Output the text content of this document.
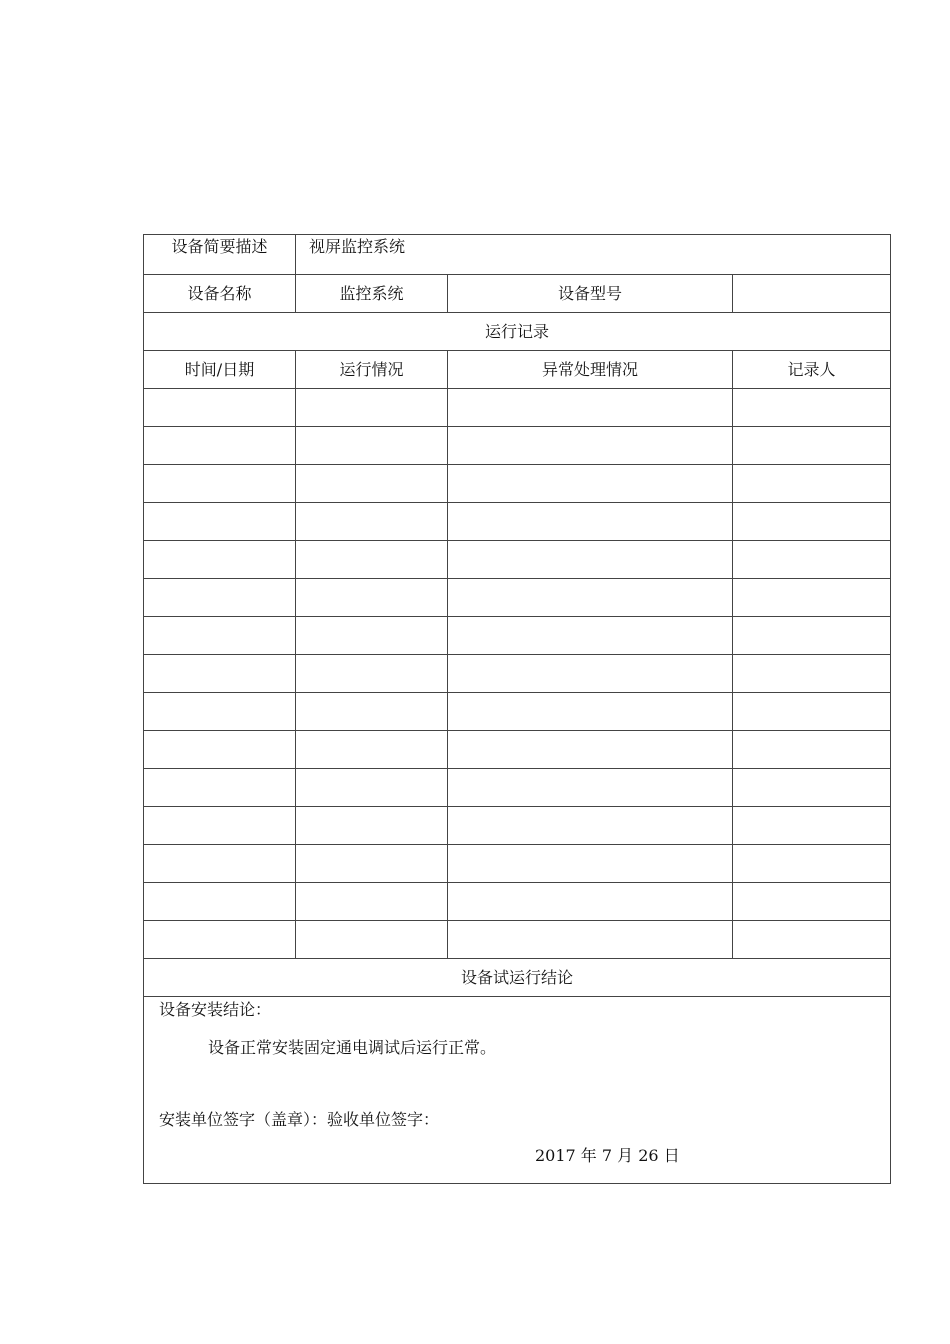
设备简要描述	视屏监控系统		
设备名称	监控系统	设备型号	
运行记录			
时间/日期	运行情况	异常处理情况	记录人

设备试运行结论			

设备安装结论：
设备正常安装固定通电调试后运行正常。
安装单位签字（盖章）：验收单位签字：
2017 年 7 月 26 日			
